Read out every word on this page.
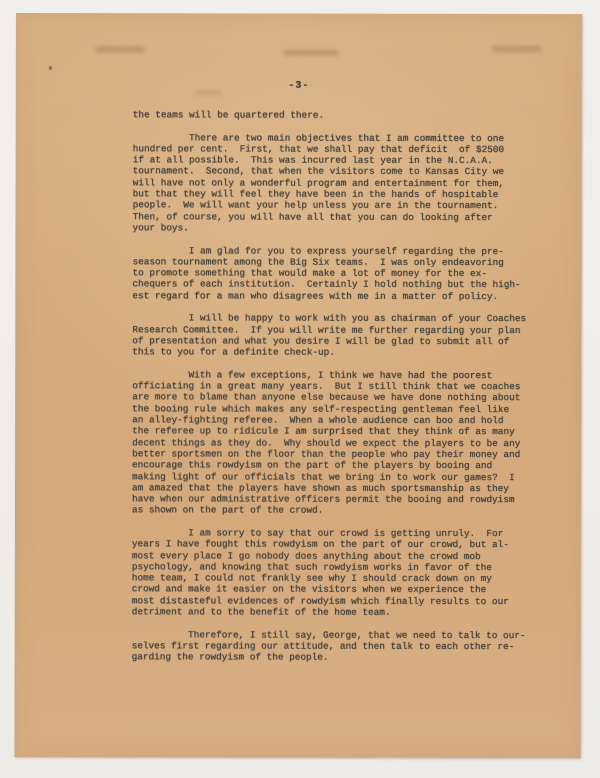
-3-

the teams will be quartered there.

There are two main objectives that I am committee to one
hundred per cent.  First, that we shall pay that deficit  of $2500
if at all possible.  This was incurred last year in the N.C.A.A.
tournament.  Second, that when the visitors come to Kansas City we
will have not only a wonderful program and entertainment for them,
but that they will feel they have been in the hands of hospitable
people.  We will want your help unless you are in the tournament.
Then, of course, you will have all that you can do looking after
your boys.

I am glad for you to express yourself regarding the pre-
season tournament among the Big Six teams.  I was only endeavoring
to promote something that would make a lot of money for the ex-
chequers of each institution.  Certainly I hold nothing but the high-
est regard for a man who disagrees with me in a matter of policy.

I will be happy to work with you as chairman of your Coaches
Research Committee.  If you will write me further regarding your plan
of presentation and what you desire I will be glad to submit all of
this to you for a definite check-up.

With a few exceptions, I think we have had the poorest
officiating in a great many years.  But I still think that we coaches
are more to blame than anyone else because we have done nothing about
the booing rule which makes any self-respecting gentleman feel like
an alley-fighting referee.  When a whole audience can boo and hold
the referee up to ridicule I am surprised that they think of as many
decent things as they do.  Why should we expect the players to be any
better sportsmen on the floor than the people who pay their money and
encourage this rowdyism on the part of the players by booing and
making light of our officials that we bring in to work our games?  I
am amazed that the players have shown as much sportsmanship as they
have when our administrative officers permit the booing and rowdyism
as shown on the part of the crowd.

I am sorry to say that our crowd is getting unruly.  For
years I have fought this rowdyism on the part of our crowd, but al-
most every place I go nobody does anything about the crowd mob
psychology, and knowing that such rowdyism works in favor of the
home team, I could not frankly see why I should crack down on my
crowd and make it easier on the visitors when we experience the
most distasteful evidences of rowdyism which finally results to our
detriment and to the benefit of the home team.

Therefore, I still say, George, that we need to talk to our-
selves first regarding our attitude, and then talk to each other re-
garding the rowdyism of the people.
